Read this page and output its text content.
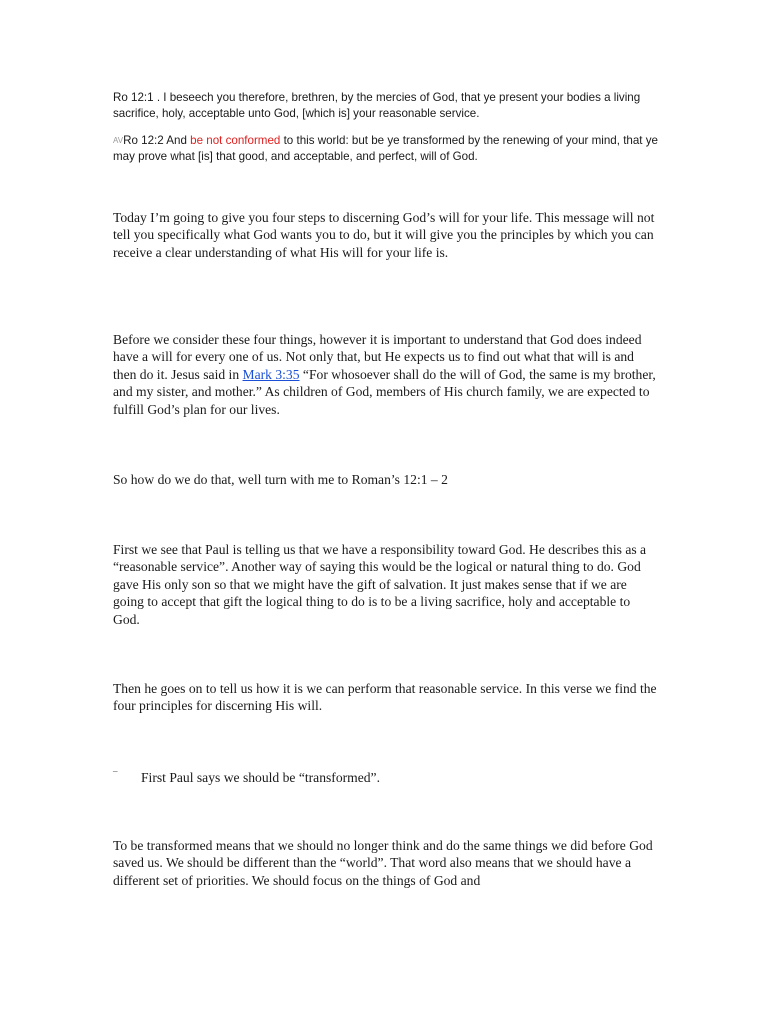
Ro 12:1 . I beseech you therefore, brethren, by the mercies of God, that ye present your bodies a living sacrifice, holy, acceptable unto God, [which is] your reasonable service.

AVRo 12:2 And be not conformed to this world: but be ye transformed by the renewing of your mind, that ye may prove what [is] that good, and acceptable, and perfect, will of God.

Today I’m going to give you four steps to discerning God’s will for your life. This message will not tell you specifically what God wants you to do, but it will give you the principles by which you can receive a clear understanding of what His will for your life is.

Before we consider these four things, however it is important to understand that God does indeed have a will for every one of us. Not only that, but He expects us to find out what that will is and then do it. Jesus said in Mark 3:35 “For whosoever shall do the will of God, the same is my brother, and my sister, and mother.” As children of God, members of His church family, we are expected to fulfill God’s plan for our lives.

So how do we do that, well turn with me to Roman’s 12:1 – 2

First we see that Paul is telling us that we have a responsibility toward God. He describes this as a “reasonable service”. Another way of saying this would be the logical or natural thing to do. God gave His only son so that we might have the gift of salvation. It just makes sense that if we are going to accept that gift the logical thing to do is to be a living sacrifice, holy and acceptable to God.

Then he goes on to tell us how it is we can perform that reasonable service. In this verse we find the four principles for discerning His will.

¯ First Paul says we should be “transformed”.

To be transformed means that we should no longer think and do the same things we did before God saved us. We should be different than the “world”. That word also means that we should have a different set of priorities. We should focus on the things of God and
